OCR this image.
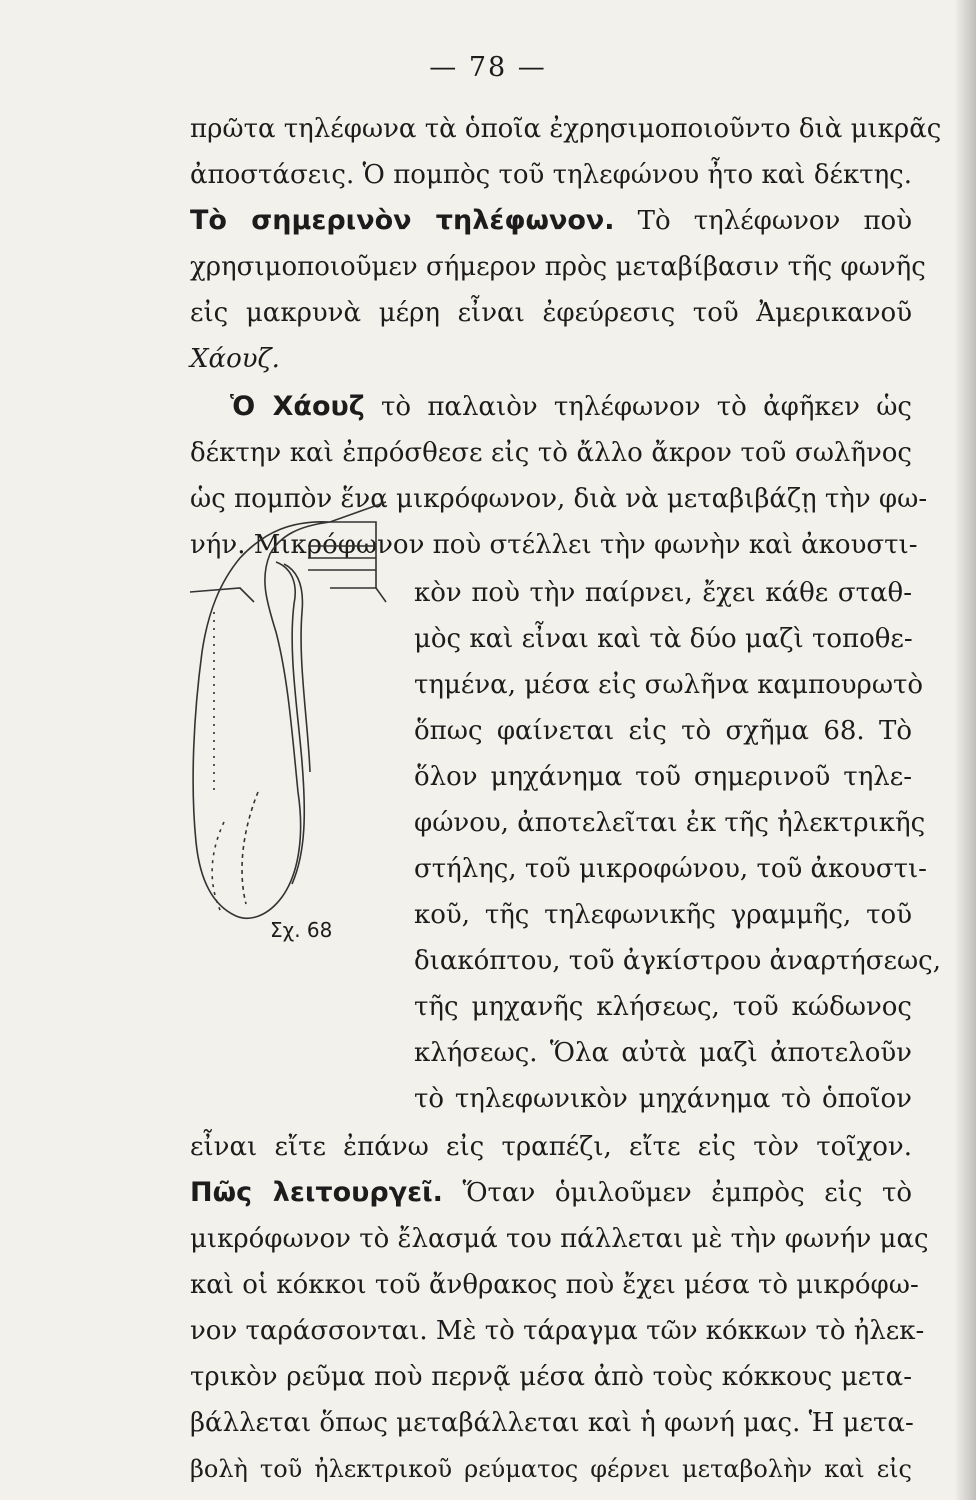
— 78 —
πρῶτα τηλέφωνα τὰ ὁποῖα ἐχρησιμοποιοῦντο διὰ μικρᾶς
ἀποστάσεις. Ὁ πομπὸς τοῦ τηλεφώνου ἦτο καὶ δέκτης.
Τὸ σημερινὸν τηλέφωνον. Τὸ τηλέφωνον ποὺ
χρησιμοποιοῦμεν σήμερον πρὸς μεταβίβασιν τῆς φωνῆς
εἰς μακρυνὰ μέρη εἶναι ἐφεύρεσις τοῦ Ἀμερικανοῦ
Χάουζ.
Ὁ Χάουζ τὸ παλαιὸν τηλέφωνον τὸ ἀφῆκεν ὡς
δέκτην καὶ ἐπρόσθεσε εἰς τὸ ἄλλο ἄκρον τοῦ σωλῆνος
ὡς πομπὸν ἕνα μικρόφωνον, διὰ νὰ μεταβιβάζῃ τὴν φω-
νήν. Μικρόφωνον ποὺ στέλλει τὴν φωνὴν καὶ ἀκουστι-
κὸν ποὺ τὴν παίρνει, ἔχει κάθε σταθ-
μὸς καὶ εἶναι καὶ τὰ δύο μαζὶ τοποθε-
τημένα, μέσα εἰς σωλῆνα καμπουρωτὸ
ὅπως φαίνεται εἰς τὸ σχῆμα 68. Τὸ
ὅλον μηχάνημα τοῦ σημερινοῦ τηλε-
φώνου, ἀποτελεῖται ἐκ τῆς ἠλεκτρικῆς
στήλης, τοῦ μικροφώνου, τοῦ ἀκουστι-
κοῦ, τῆς τηλεφωνικῆς γραμμῆς, τοῦ
διακόπτου, τοῦ ἀγκίστρου ἀναρτήσεως,
τῆς μηχανῆς κλήσεως, τοῦ κώδωνος
κλήσεως. Ὅλα αὐτὰ μαζὶ ἀποτελοῦν
τὸ τηλεφωνικὸν μηχάνημα τὸ ὁποῖον
εἶναι εἴτε ἐπάνω εἰς τραπέζι, εἴτε εἰς τὸν τοῖχον.
Πῶς λειτουργεῖ. Ὅταν ὁμιλοῦμεν ἐμπρὸς εἰς τὸ
μικρόφωνον τὸ ἔλασμά του πάλλεται μὲ τὴν φωνήν μας
καὶ οἱ κόκκοι τοῦ ἄνθρακος ποὺ ἔχει μέσα τὸ μικρόφω-
νον ταράσσονται. Μὲ τὸ τάραγμα τῶν κόκκων τὸ ἠλεκ-
τρικὸν ρεῦμα ποὺ περνᾷ μέσα ἀπὸ τοὺς κόκκους μετα-
βάλλεται ὅπως μεταβάλλεται καὶ ἡ φωνή μας. Ἡ μετα-
βολὴ τοῦ ἠλεκτρικοῦ ρεύματος φέρνει μεταβολὴν καὶ εἰς
Σχ. 68
